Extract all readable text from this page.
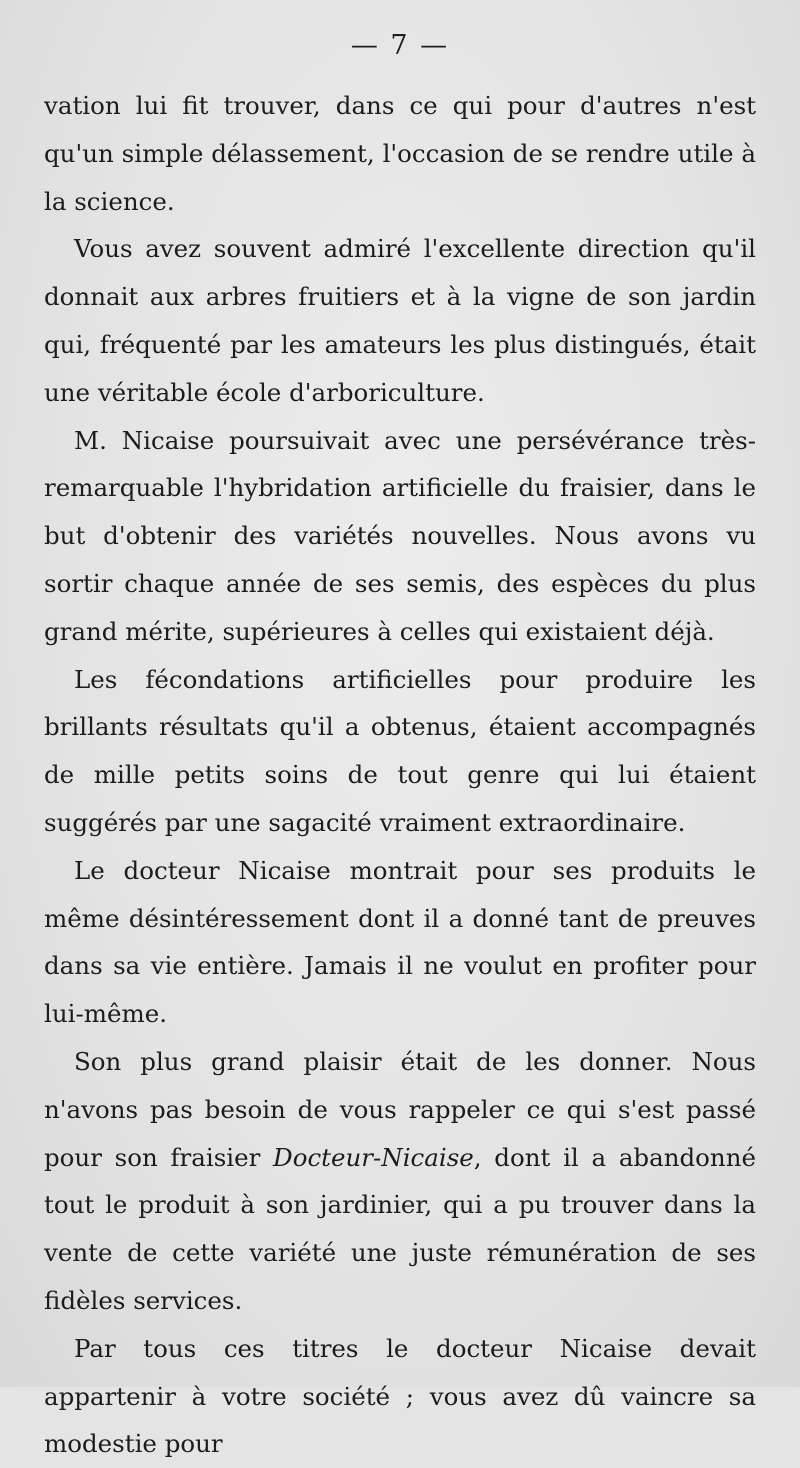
— 7 —

vation lui fit trouver, dans ce qui pour d'autres n'est qu'un simple délassement, l'occasion de se rendre utile à la science.

Vous avez souvent admiré l'excellente direction qu'il donnait aux arbres fruitiers et à la vigne de son jardin qui, fréquenté par les amateurs les plus distingués, était une véritable école d'arboriculture.

M. Nicaise poursuivait avec une persévérance très-remarquable l'hybridation artificielle du fraisier, dans le but d'obtenir des variétés nouvelles. Nous avons vu sortir chaque année de ses semis, des espèces du plus grand mérite, supérieures à celles qui existaient déjà.

Les fécondations artificielles pour produire les brillants résultats qu'il a obtenus, étaient accompagnés de mille petits soins de tout genre qui lui étaient suggérés par une sagacité vraiment extraordinaire.

Le docteur Nicaise montrait pour ses produits le même désintéressement dont il a donné tant de preuves dans sa vie entière. Jamais il ne voulut en profiter pour lui-même.

Son plus grand plaisir était de les donner. Nous n'avons pas besoin de vous rappeler ce qui s'est passé pour son fraisier Docteur-Nicaise, dont il a abandonné tout le produit à son jardinier, qui a pu trouver dans la vente de cette variété une juste rémunération de ses fidèles services.

Par tous ces titres le docteur Nicaise devait appartenir à votre société ; vous avez dû vaincre sa modestie pour
